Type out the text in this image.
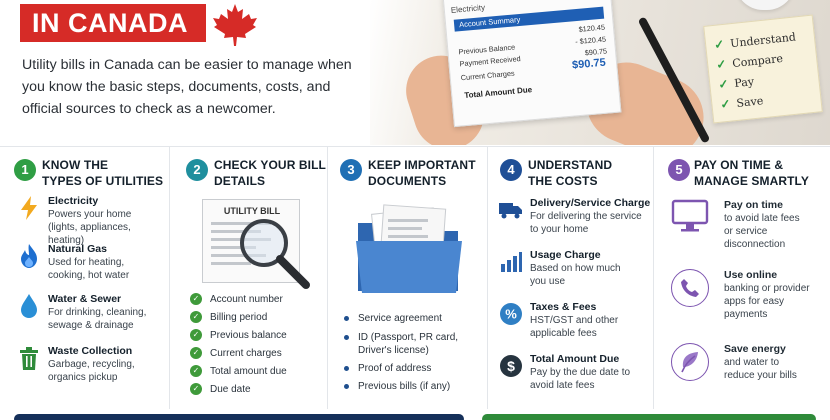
IN CANADA

Utility bills in Canada can be easier to manage when you know the basic steps, documents, costs, and official sources to check as a newcomer.

Electricity
Account Summary	$120.45
Previous Balance
- $120.45
Payment Received
$90.75
Current Charges
$90.75
Total Amount Due
✓ Understand
✓ Compare
✓ Pay
✓ Save
1	KNOW THE
TYPES OF UTILITIES
Electricity
Powers your home
(lights, appliances, heating)
Natural Gas
Used for heating,
cooking, hot water
Water & Sewer
For drinking, cleaning,
sewage & drainage
Waste Collection
Garbage, recycling,
organics pickup
2	CHECK YOUR BILL
DETAILS
UTILITY BILL
✓ Account number
✓ Billing period
✓ Previous balance
✓ Current charges
✓ Total amount due
✓ Due date
3	KEEP IMPORTANT
DOCUMENTS
Service agreement
ID (Passport, PR card,
Driver's license)
Proof of address
Previous bills (if any)
4	UNDERSTAND
THE COSTS
Delivery/Service Charge
For delivering the service
to your home
Usage Charge
Based on how much
you use
% Taxes & Fees
HST/GST and other
applicable fees
$ Total Amount Due
Pay by the due date to
avoid late fees
5 PAY ON TIME &
MANAGE SMARTLY
Pay on time
to avoid late fees
or service
disconnection
Use online
banking or provider
apps for easy
payments
Save energy
and water to
reduce your bills
